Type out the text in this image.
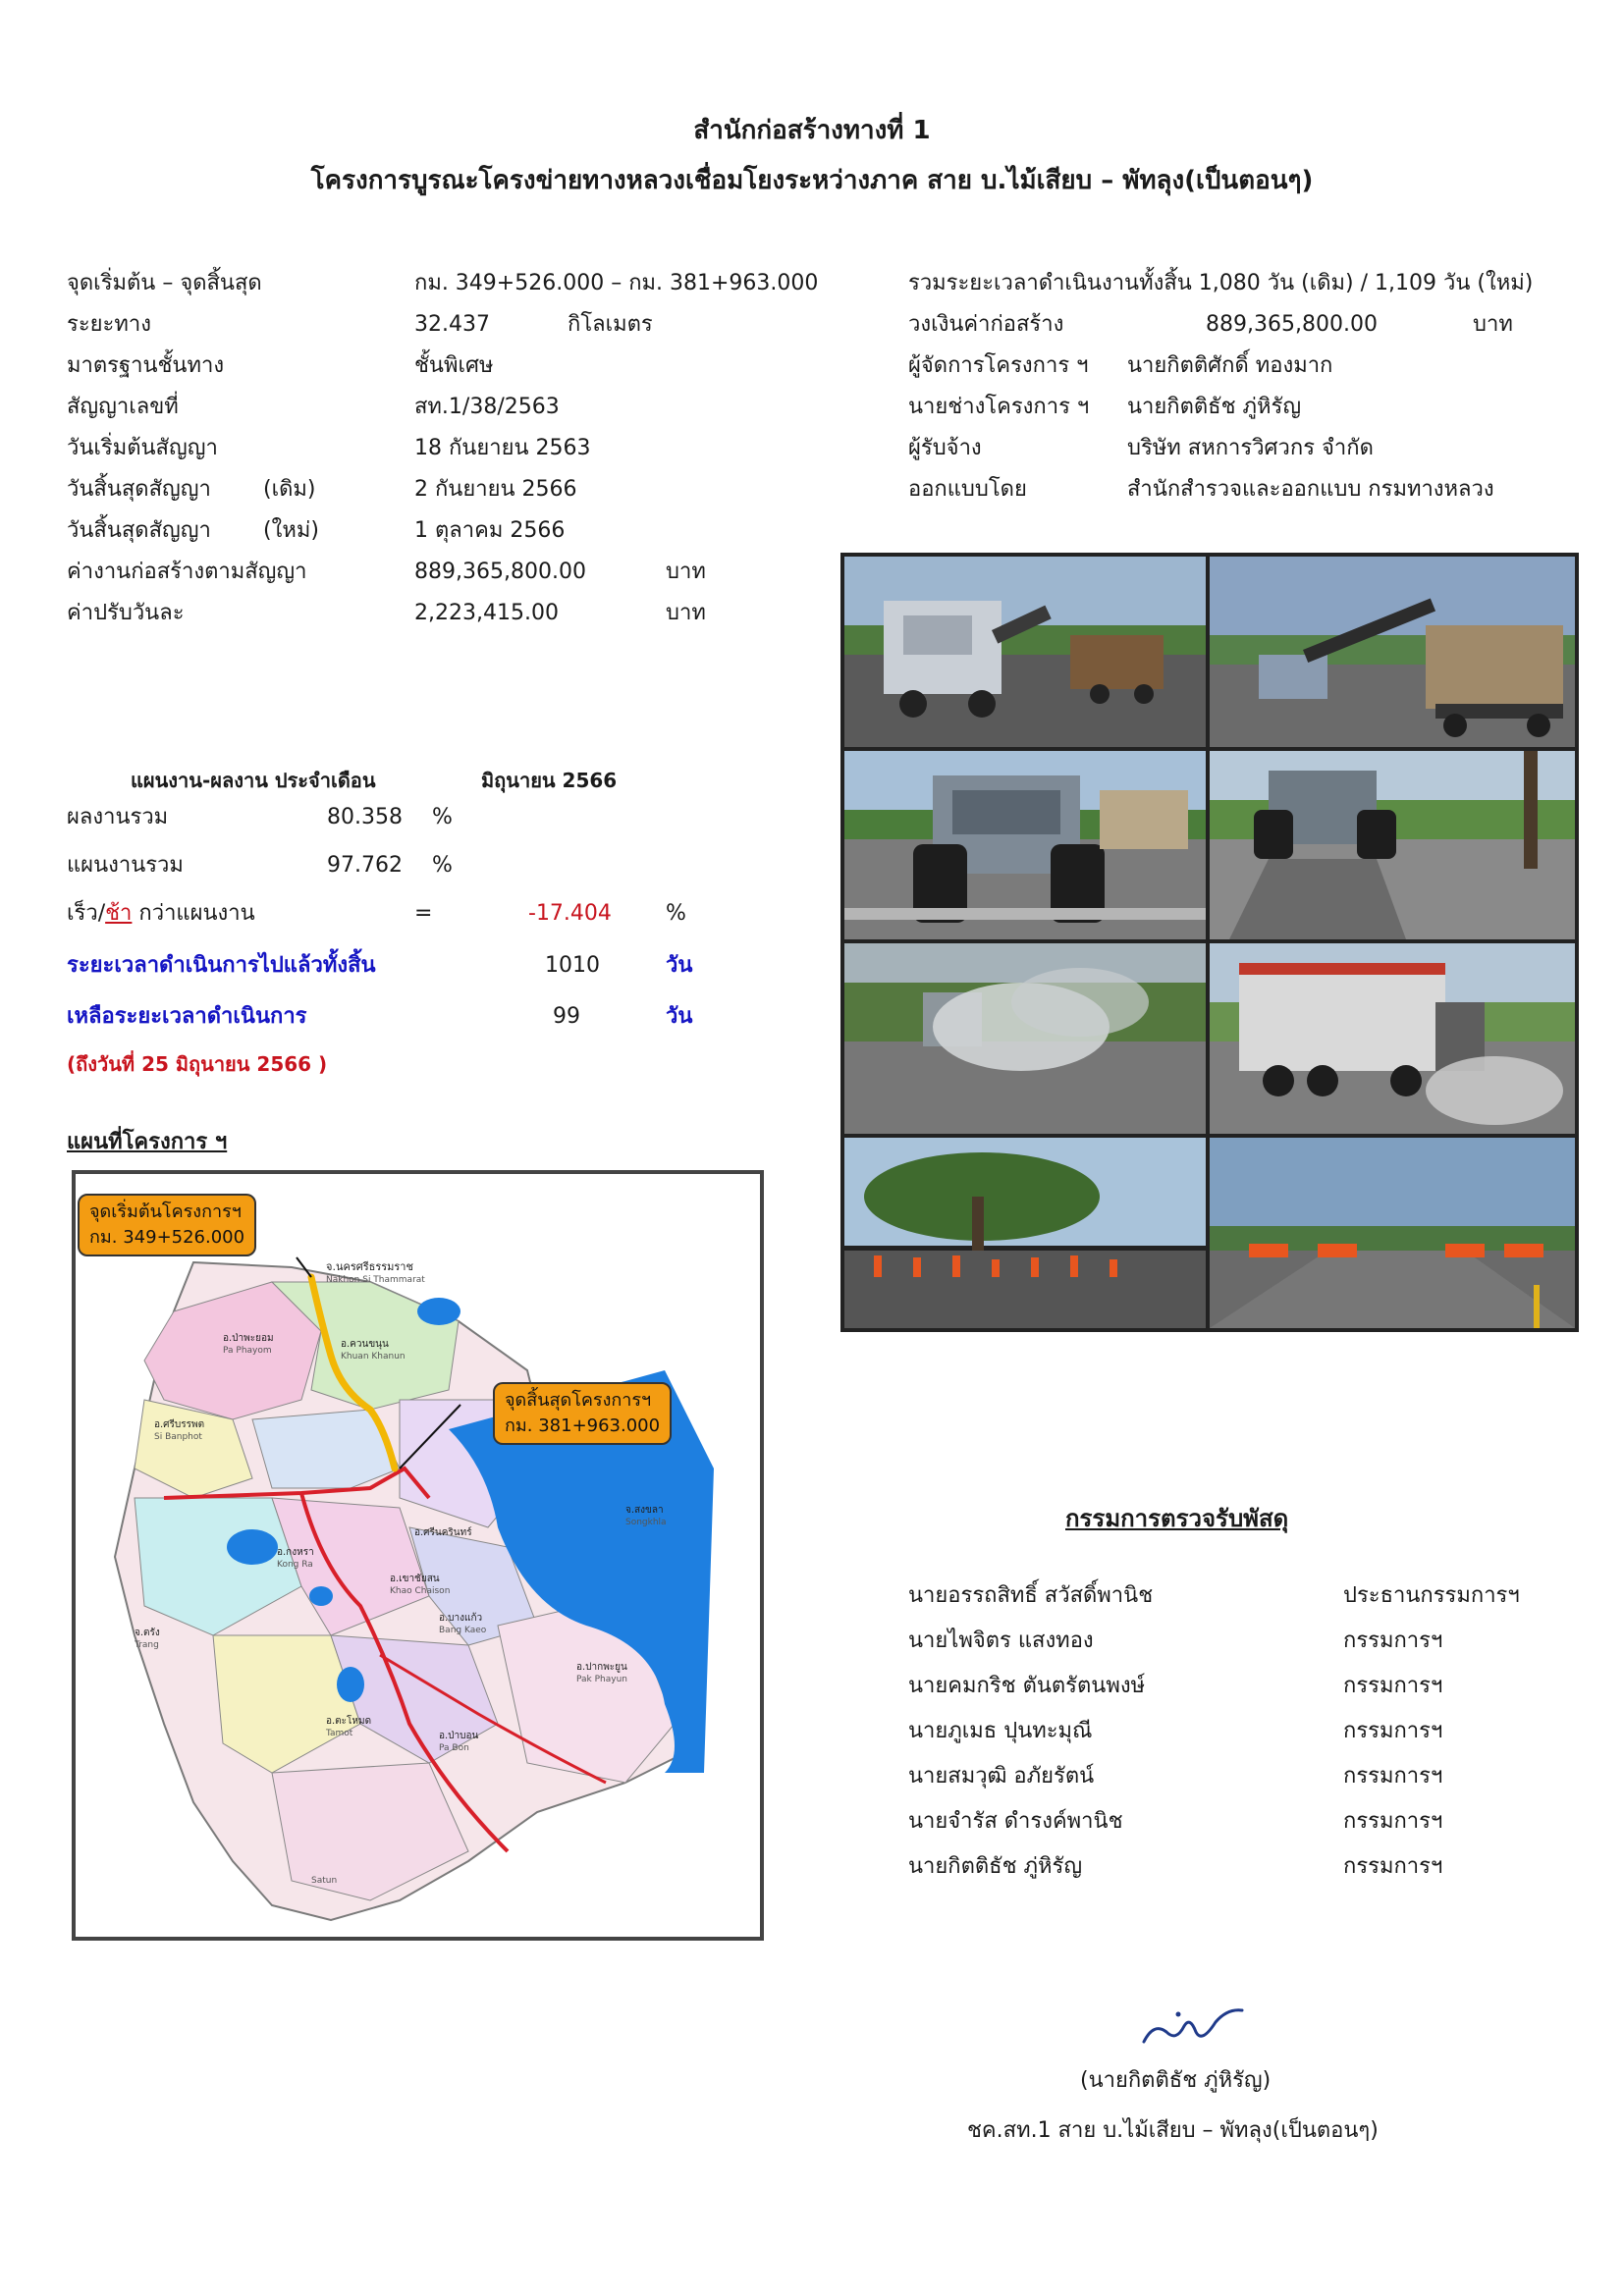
สำนักก่อสร้างทางที่ 1
โครงการบูรณะโครงข่ายทางหลวงเชื่อมโยงระหว่างภาค สาย บ.ไม้เสียบ – พัทลุง(เป็นตอนๆ)
จุดเริ่มต้น – จุดสิ้นสุด	กม. 349+526.000 – กม. 381+963.000
ระยะทาง	32.437	กิโลเมตร
มาตรฐานชั้นทาง	ชั้นพิเศษ
สัญญาเลขที่	สท.1/38/2563
วันเริ่มต้นสัญญา	18 กันยายน 2563
วันสิ้นสุดสัญญา (เดิม)	2 กันยายน 2566
วันสิ้นสุดสัญญา (ใหม่)	1 ตุลาคม 2566
ค่างานก่อสร้างตามสัญญา	889,365,800.00	บาท
ค่าปรับวันละ	2,223,415.00	บาท
รวมระยะเวลาดำเนินงานทั้งสิ้น 1,080 วัน (เดิม) / 1,109 วัน (ใหม่)
วงเงินค่าก่อสร้าง	889,365,800.00	บาท
ผู้จัดการโครงการ ฯ นายกิตติศักดิ์ ทองมาก
นายช่างโครงการ ฯ นายกิตติธัช ภู่หิรัญ
ผู้รับจ้าง	บริษัท สหการวิศวกร จำกัด
ออกแบบโดย	สำนักสำรวจและออกแบบ กรมทางหลวง
แผนงาน-ผลงาน ประจำเดือน	มิถุนายน 2566
ผลงานรวม	80.358 %
แผนงานรวม	97.762 %
เร็ว/ช้า กว่าแผนงาน	=	-17.404	%
ระยะเวลาดำเนินการไปแล้วทั้งสิ้น	1010	วัน
เหลือระยะเวลาดำเนินการ	99	วัน
(ถึงวันที่ 25 มิถุนายน 2566 )
แผนที่โครงการ ฯ
จ.นครศรีธรรมราช
Nakhon Si Thammarat
อ.ป่าพะยอม
Pa Phayom
อ.ศรีบรรพต
Si Banphot
อ.ควนขนุน
Khuan Khanun
อ.กงหรา
Kong Ra
อ.ตะโหมด
Tamot	อ.ป่าบอน
Pa Bon
อ.ปากพะยูน
Pak Phayun
อ.ศรีนครินทร์
อ.บางแก้ว
Bang Kaeo
อ.เขาชัยสน
Khao Chaison
จ.สงขลา
Songkhla
จ.ตรัง
Trang
Satun
จุดเริ่มต้นโครงการฯ
กม. 349+526.000
จุดสิ้นสุดโครงการฯ
กม. 381+963.000
กรรมการตรวจรับพัสดุ
นายอรรถสิทธิ์ สวัสดิ์พานิช	ประธานกรรมการฯ
นายไพจิตร แสงทอง	กรรมการฯ
นายคมกริช ตันตรัตนพงษ์	กรรมการฯ
นายภูเมธ ปุนทะมุณี	กรรมการฯ
นายสมวุฒิ อภัยรัตน์	กรรมการฯ
นายจำรัส ดำรงค์พานิช	กรรมการฯ
นายกิตติธัช ภู่หิรัญ	กรรมการฯ
(นายกิตติธัช ภู่หิรัญ)
ชค.สท.1 สาย บ.ไม้เสียบ – พัทลุง(เป็นตอนๆ)
